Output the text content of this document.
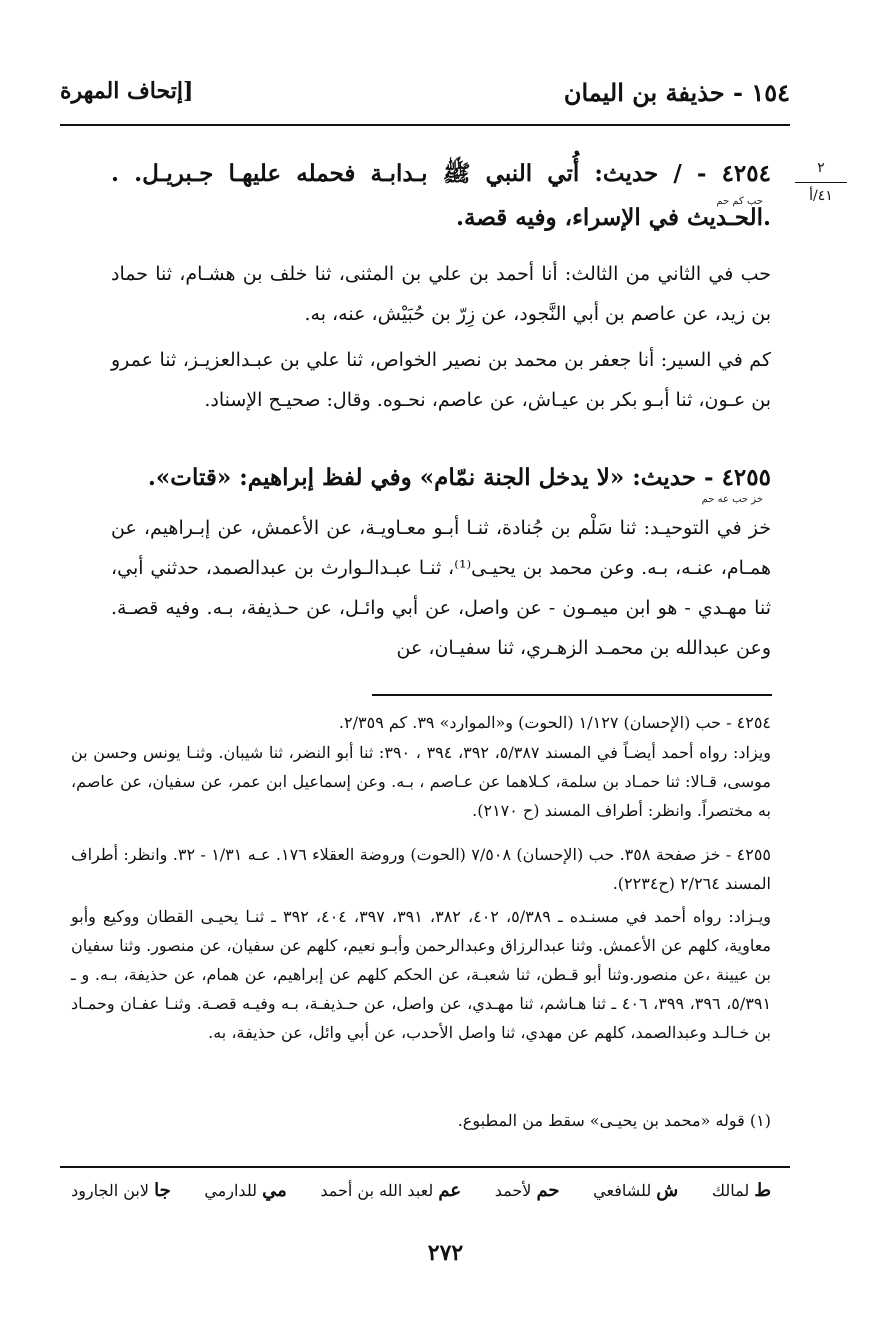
١٥٤ - حذيفة بن اليمان
[إتحاف المهرة
٢
٤١/أ
حب كم حم
٤٢٥٤ - / حديث: أُتي النبي ﷺ بـدابـة فحمله عليهـا جـبريـل. . .الحـديث في الإسراء، وفيه قصة.
حب في الثاني من الثالث: أنا أحمد بن علي بن المثنى، ثنا خلف بن هشـام، ثنا حماد بن زيد، عن عاصم بن أبي النَّجود، عن زِرّ بن حُبَيْش، عنه، به.
كم في السير: أنا جعفر بن محمد بن نصير الخواص، ثنا علي بن عبـدالعزيـز، ثنا عمرو بن عـون، ثنا أبـو بكر بن عيـاش، عن عاصم، نحـوه. وقال: صحيـح الإسناد.
٤٢٥٥ - حديث: «لا يدخل الجنة نمّام» وفي لفظ إبراهيم: «قتات».
خز حب عه حم
خز في التوحيـد: ثنا سَلْم بن جُنادة، ثنـا أبـو معـاويـة، عن الأعمش، عن إبـراهيم، عن همـام، عنـه، بـه. وعن محمد بن يحيـى⁽¹⁾، ثنـا عبـدالـوارث بن عبدالصمد، حدثني أبي، ثنا مهـدي - هو ابن ميمـون - عن واصل، عن أبي وائـل، عن حـذيفة، بـه. وفيه قصـة. وعن عبدالله بن محمـد الزهـري، ثنا سفيـان، عن
٤٢٥٤ - حب (الإحسان) ١/١٢٧ (الحوت) و«الموارد» ٣٩. كم ٢/٣٥٩.
ويزاد: رواه أحمد أيضـاً في المسند ٥/٣٨٧، ٣٩٢، ٣٩٤ ، ٣٩٠: ثنا أبو النضر، ثنا شيبان. وثنـا يونس وحسن بن موسى، قـالا: ثنا حمـاد بن سلمة، كـلاهما عن عـاصم ، بـه. وعن إسماعيل ابن عمر، عن سفيان، عن عاصم، به مختصراً. وانظر: أطراف المسند (ح ٢١٧٠).
٤٢٥٥ - خز صفحة ٣٥٨. حب (الإحسان) ٧/٥٠٨ (الحوت) وروضة العقلاء ١٧٦. عـه ١/٣١ - ٣٢. وانظر: أطراف المسند ٢/٢٦٤ (ح٢٢٣٤).
ويـزاد: رواه أحمد في مسنـده ـ ٥/٣٨٩، ٤٠٢، ٣٨٢، ٣٩١، ٣٩٧، ٤٠٤، ٣٩٢ ـ ثنـا يحيـى القطان ووكيع وأبو معاوية، كلهم عن الأعمش. وثنا عبدالرزاق وعبدالرحمن وأبـو نعيم، كلهم عن سفيان، عن منصور. وثنا سفيان بن عيينة ،عن منصور.وثنا أبو قـطن، ثنا شعبـة، عن الحكم كلهم عن إبراهيم، عن همام، عن حذيفة، بـه. و ـ ٥/٣٩١، ٣٩٦، ٣٩٩، ٤٠٦ ـ ثنا هـاشم، ثنا مهـدي، عن واصل، عن حـذيفـة، بـه وفيـه قصـة. وثنـا عفـان وحمـاد بن خـالـد وعبدالصمد، كلهم عن مهدي، ثنا واصل الأحدب، عن أبي وائل، عن حذيفة، به.
(١) قوله «محمد بن يحيـى» سقط من المطبوع.
ط لمالك
ش للشافعي
حم لأحمد
عم لعبد الله بن أحمد
مي للدارمي
جا لابن الجارود
٢٧٢
